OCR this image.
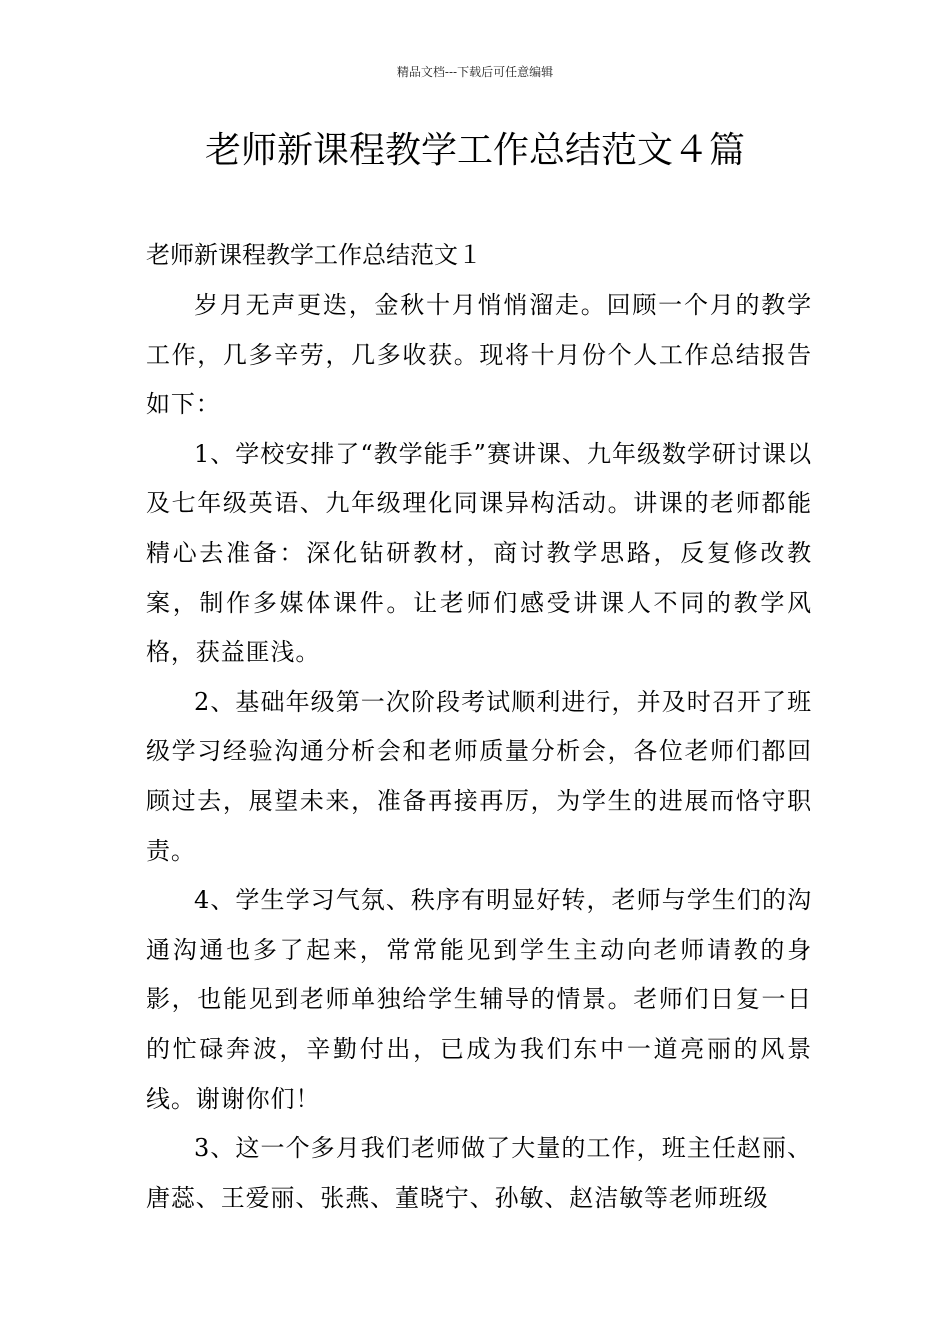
精品文档---下载后可任意编辑
老师新课程教学工作总结范文４篇
老师新课程教学工作总结范文１

岁月无声更迭，金秋十月悄悄溜走。回顾一个月的教学工作，几多辛劳，几多收获。现将十月份个人工作总结报告如下：

1、学校安排了“教学能手”赛讲课、九年级数学研讨课以及七年级英语、九年级理化同课异构活动。讲课的老师都能精心去准备：深化钻研教材，商讨教学思路，反复修改教案，制作多媒体课件。让老师们感受讲课人不同的教学风格，获益匪浅。

2、基础年级第一次阶段考试顺利进行，并及时召开了班级学习经验沟通分析会和老师质量分析会，各位老师们都回顾过去，展望未来，准备再接再厉，为学生的进展而恪守职责。

4、学生学习气氛、秩序有明显好转，老师与学生们的沟通沟通也多了起来，常常能见到学生主动向老师请教的身影，也能见到老师单独给学生辅导的情景。老师们日复一日的忙碌奔波，辛勤付出，已成为我们东中一道亮丽的风景线。谢谢你们！

3、这一个多月我们老师做了大量的工作，班主任赵丽、唐蕊、王爱丽、张燕、董晓宁、孙敏、赵洁敏等老师班级
